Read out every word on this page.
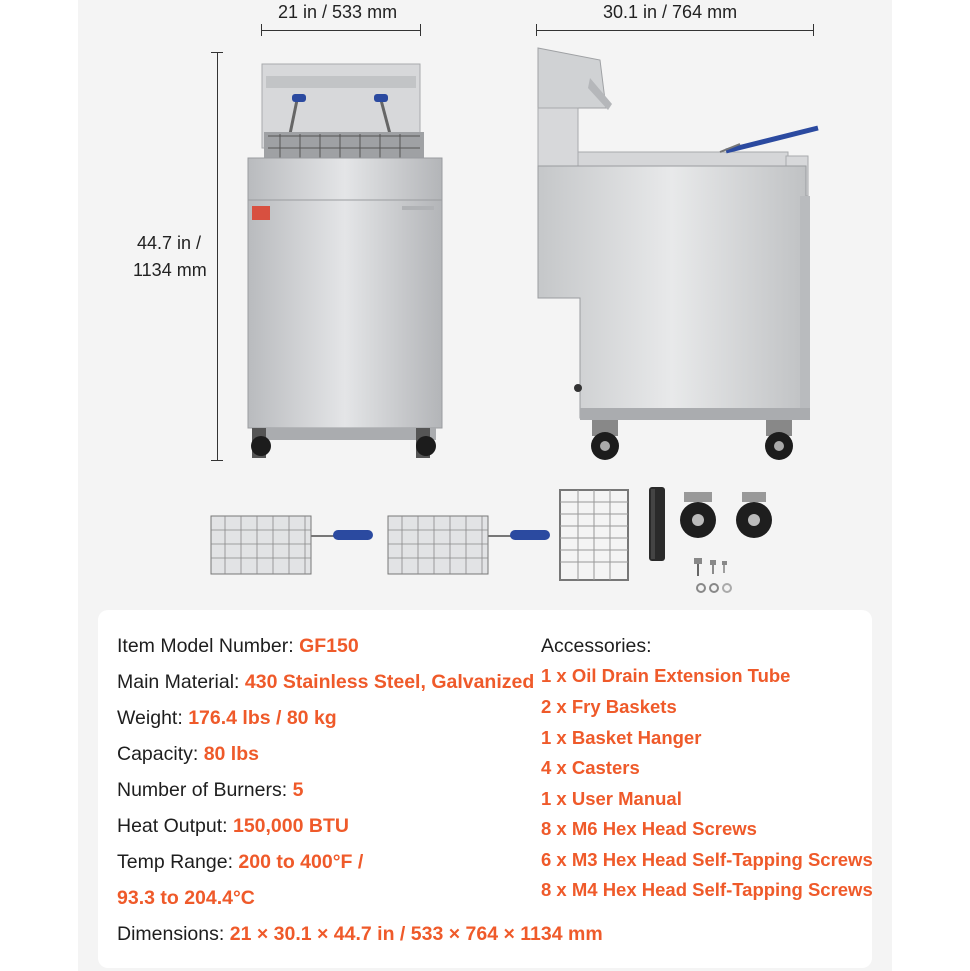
21 in / 533 mm	30.1 in / 764 mm
44.7 in /
1134 mm
Item Model Number: GF150
Main Material: 430 Stainless Steel, Galvanized
Weight: 176.4 lbs / 80 kg
Capacity: 80 lbs
Number of Burners: 5
Heat Output: 150,000 BTU
Temp Range: 200 to 400°F /
93.3 to 204.4°C
Dimensions: 21 × 30.1 × 44.7 in / 533 × 764 × 1134 mm
Accessories:
1 x Oil Drain Extension Tube
2 x Fry Baskets
1 x Basket Hanger
4 x Casters
1 x User Manual
8 x M6 Hex Head Screws
6 x M3 Hex Head Self-Tapping Screws
8 x M4 Hex Head Self-Tapping Screws
